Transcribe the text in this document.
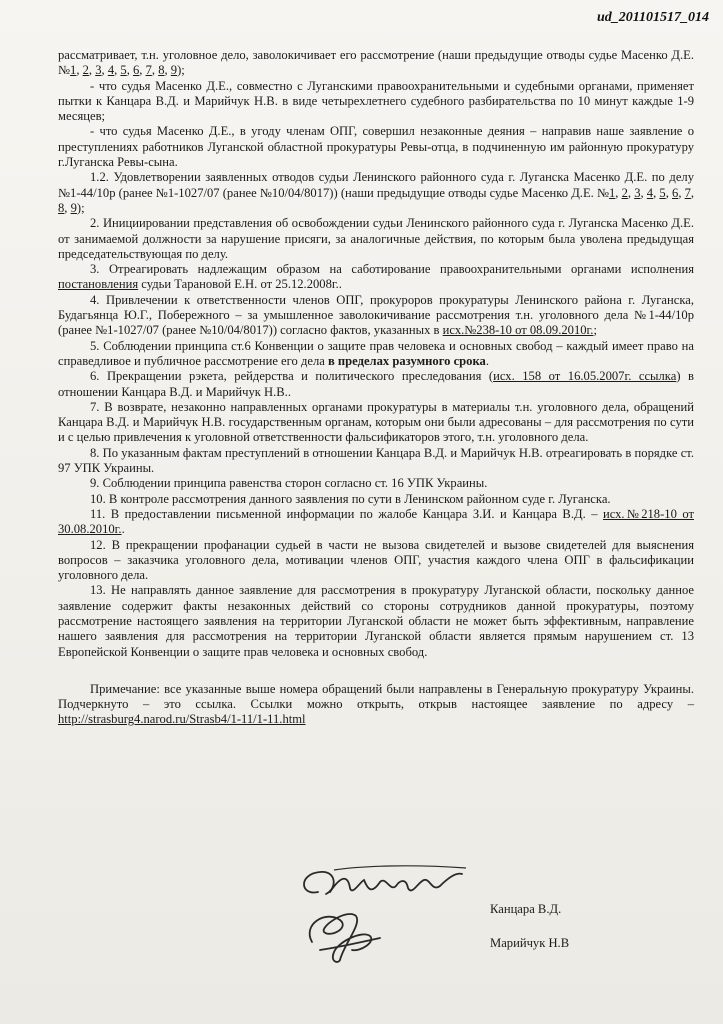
ud_201101517_014
рассматривает, т.н. уголовное дело, заволокичивает его рассмотрение (наши предыдущие отводы судье Масенко Д.Е. №1, 2, 3, 4, 5, 6, 7, 8, 9);
- что судья Масенко Д.Е., совместно с Луганскими правоохранительными и судебными органами, применяет пытки к Канцара В.Д. и Марийчук Н.В. в виде четырехлетнего судебного разбирательства по 10 минут каждые 1-9 месяцев;
- что судья Масенко Д.Е., в угоду членам ОПГ, совершил незаконные деяния – направив наше заявление о преступлениях работников Луганской областной прокуратуры Ревы-отца, в подчиненную им районную прокуратуру г.Луганска Ревы-сына.
1.2. Удовлетворении заявленных отводов судьи Ленинского районного суда г. Луганска Масенко Д.Е. по делу №1-44/10р (ранее №1-1027/07 (ранее №10/04/8017)) (наши предыдущие отводы судье Масенко Д.Е. №1, 2, 3, 4, 5, 6, 7, 8, 9);
2. Инициировании представления об освобождении судьи Ленинского районного суда г. Луганска Масенко Д.Е. от занимаемой должности за нарушение присяги, за аналогичные действия, по которым была уволена предыдущая председательствующая по делу.
3. Отреагировать надлежащим образом на саботирование правоохранительными органами исполнения постановления судьи Тарановой Е.Н. от 25.12.2008г..
4. Привлечении к ответственности членов ОПГ, прокуроров прокуратуры Ленинского района г. Луганска, Будагьянца Ю.Г., Побережного – за умышленное заволокичивание рассмотрения т.н. уголовного дела №1-44/10р (ранее №1-1027/07 (ранее №10/04/8017)) согласно фактов, указанных в исх.№238-10 от 08.09.2010г.;
5. Соблюдении принципа ст.6 Конвенции о защите прав человека и основных свобод – каждый имеет право на справедливое и публичное рассмотрение его дела в пределах разумного срока.
6. Прекращении рэкета, рейдерства и политического преследования (исх. 158 от 16.05.2007г. ссылка) в отношении Канцара В.Д. и Марийчук Н.В..
7. В возврате, незаконно направленных органами прокуратуры в материалы т.н. уголовного дела, обращений Канцара В.Д. и Марийчук Н.В. государственным органам, которым они были адресованы – для рассмотрения по сути и с целью привлечения к уголовной ответственности фальсификаторов этого, т.н. уголовного дела.
8. По указанным фактам преступлений в отношении Канцара В.Д. и Марийчук Н.В. отреагировать в порядке ст. 97 УПК Украины.
9. Соблюдении принципа равенства сторон согласно ст. 16 УПК Украины.
10. В контроле рассмотрения данного заявления по сути в Ленинском районном суде г. Луганска.
11. В предоставлении письменной информации по жалобе Канцара З.И. и Канцара В.Д. – исх.№218-10 от 30.08.2010г..
12. В прекращении профанации судьей в части не вызова свидетелей и вызове свидетелей для выяснения вопросов – заказчика уголовного дела, мотивации членов ОПГ, участия каждого члена ОПГ в фальсификации уголовного дела.
13. Не направлять данное заявление для рассмотрения в прокуратуру Луганской области, поскольку данное заявление содержит факты незаконных действий со стороны сотрудников данной прокуратуры, поэтому рассмотрение настоящего заявления на территории Луганской области не может быть эффективным, направление нашего заявления для рассмотрения на территории Луганской области является прямым нарушением ст. 13 Европейской Конвенции о защите прав человека и основных свобод.
Примечание: все указанные выше номера обращений были направлены в Генеральную прокуратуру Украины. Подчеркнуто – это ссылка. Ссылки можно открыть, открыв настоящее заявление по адресу – http://strasburg4.narod.ru/Strasb4/1-11/1-11.html
Канцара В.Д.
Марийчук Н.В
